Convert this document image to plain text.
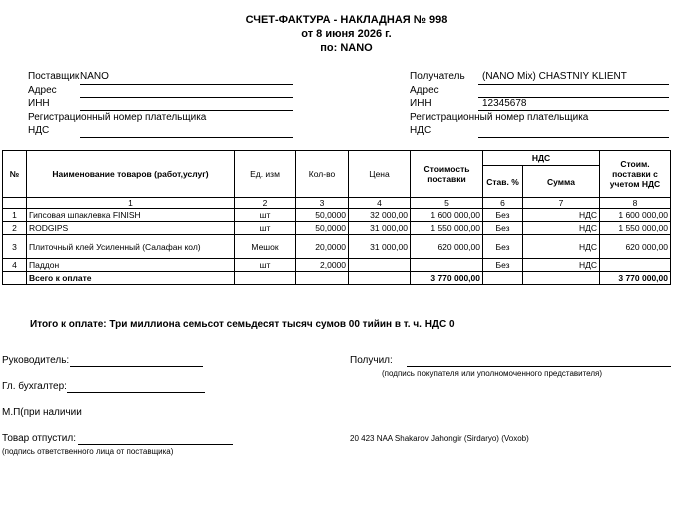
СЧЕТ-ФАКТУРА - НАКЛАДНАЯ № 998
от 8 июня 2026 г.
по: NANO
Поставщик NANO
Адрес
ИНН
Регистрационный номер плательщика
НДС
Получатель (NANO Mix) CHASTNIY KLIENT
Адрес
ИНН	12345678
Регистрационный номер плательщика
НДС
№	Наименование товаров (работ,услуг)	Ед. изм	Кол-во	Цена	Стоимость поставки	НДС		Стоим. поставки с учетом НДС
						Став. %	Сумма	
	1	2	3	4	5	6	7	8
1	Гипсовая шпаклевка FINISH	шт	50,0000	32 000,00	1 600 000,00	Без	НДС	1 600 000,00
2	RODGIPS	шт	50,0000	31 000,00	1 550 000,00	Без	НДС	1 550 000,00
3	Плиточный клей Усиленный (Салафан кол)	Мешок	20,0000	31 000,00	620 000,00	Без	НДС	620 000,00
4	Паддон	шт	2,0000			Без	НДС	
	Всего к оплате				3 770 000,00			3 770 000,00
Итого к оплате: Три миллиона семьсот семьдесят тысяч сумов 00 тийин в т. ч. НДС 0
Руководитель:
Гл. бухгалтер:
М.П(при наличии
Товар отпустил:
(подпись ответственного лица от поставщика)
Получил:
(подпись покупателя или уполномоченного представителя)
20 423 NAA Shakarov Jahongir (Sirdaryo) (Voxob)
